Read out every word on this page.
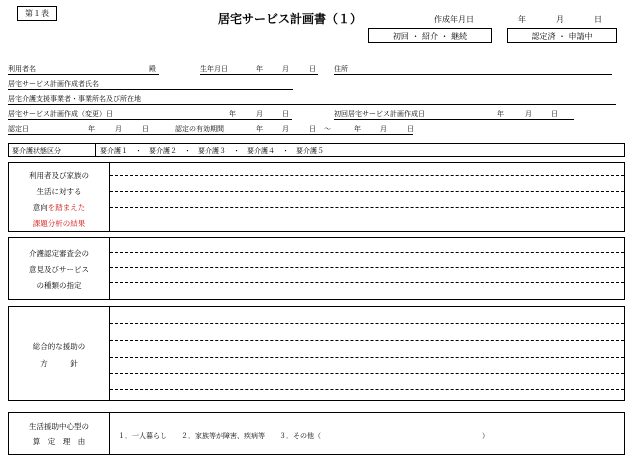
第１表	居宅サービス計画書（１）	作成年月日	年	月	日
初回 ・ 紹介 ・ 継続	認定済 ・ 申請中
利用者名	殿	生年月日	年	月	日	住所
居宅サービス計画作成者氏名
居宅介護支援事業者・事業所名及び所在地
居宅サービス計画作成（変更）日	年	月	日	初回居宅サービス計画作成日	年	月	日
認定日	年	月	日	認定の有効期間	年	月	日 ～	年	月	日
要介護状態区分	要介護１　・　要介護２　・　要介護３　・　要介護４　・　要介護５
利用者及び家族の
生活に対する
意向を踏まえた
課題分析の結果
介護認定審査会の
意見及びサービス
の種類の指定
総合的な援助の
方　　　針
生活援助中心型の
算　定　理　由
１．一人暮らし　　２．家族等が障害、疾病等　　３．その他（　　　　　　　　　　　　　　　　　　　　　　　）
